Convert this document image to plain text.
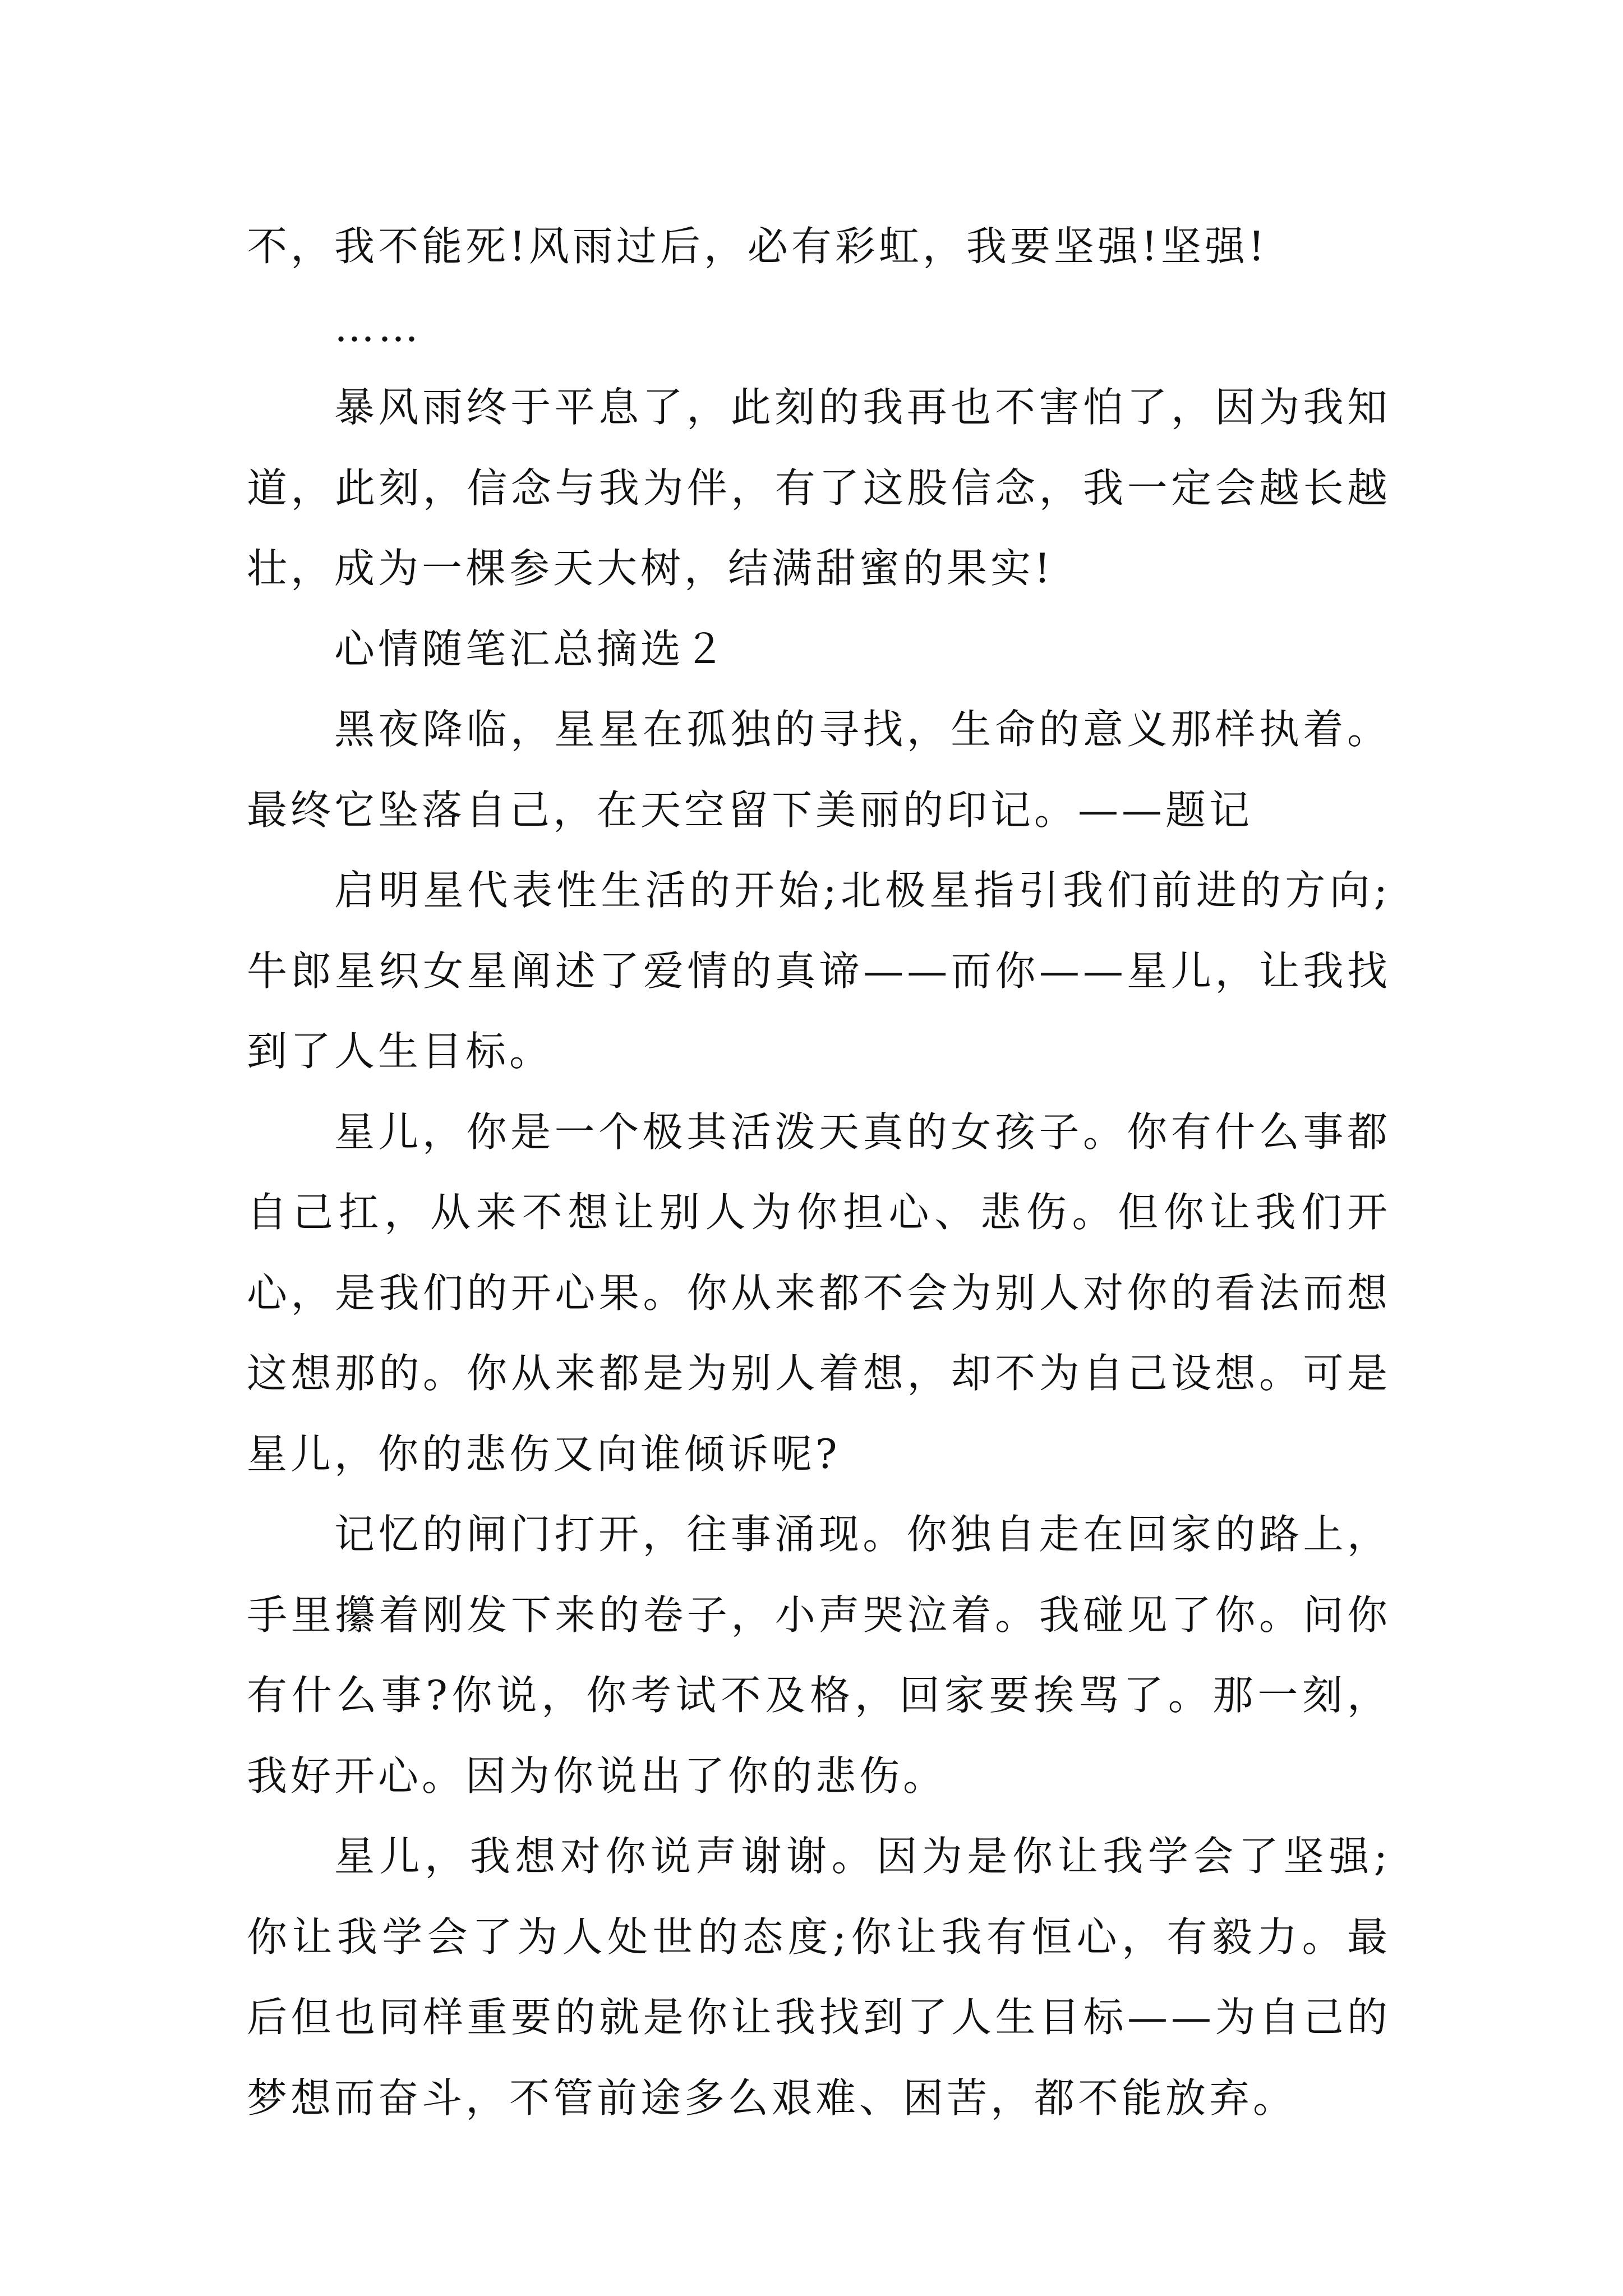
不，我不能死!风雨过后，必有彩虹，我要坚强!坚强!

……

暴风雨终于平息了，此刻的我再也不害怕了，因为我知道，此刻，信念与我为伴，有了这股信念，我一定会越长越壮，成为一棵参天大树，结满甜蜜的果实!

心情随笔汇总摘选２

黑夜降临，星星在孤独的寻找，生命的意义那样执着。最终它坠落自己，在天空留下美丽的印记。——题记

启明星代表性生活的开始;北极星指引我们前进的方向;牛郎星织女星阐述了爱情的真谛——而你——星儿，让我找到了人生目标。

星儿，你是一个极其活泼天真的女孩子。你有什么事都自己扛，从来不想让别人为你担心、悲伤。但你让我们开心，是我们的开心果。你从来都不会为别人对你的看法而想这想那的。你从来都是为别人着想，却不为自己设想。可是星儿，你的悲伤又向谁倾诉呢?

记忆的闸门打开，往事涌现。你独自走在回家的路上，手里攥着刚发下来的卷子，小声哭泣着。我碰见了你。问你有什么事?你说，你考试不及格，回家要挨骂了。那一刻，我好开心。因为你说出了你的悲伤。

星儿，我想对你说声谢谢。因为是你让我学会了坚强;你让我学会了为人处世的态度;你让我有恒心，有毅力。最后但也同样重要的就是你让我找到了人生目标——为自己的梦想而奋斗，不管前途多么艰难、困苦，都不能放弃。
